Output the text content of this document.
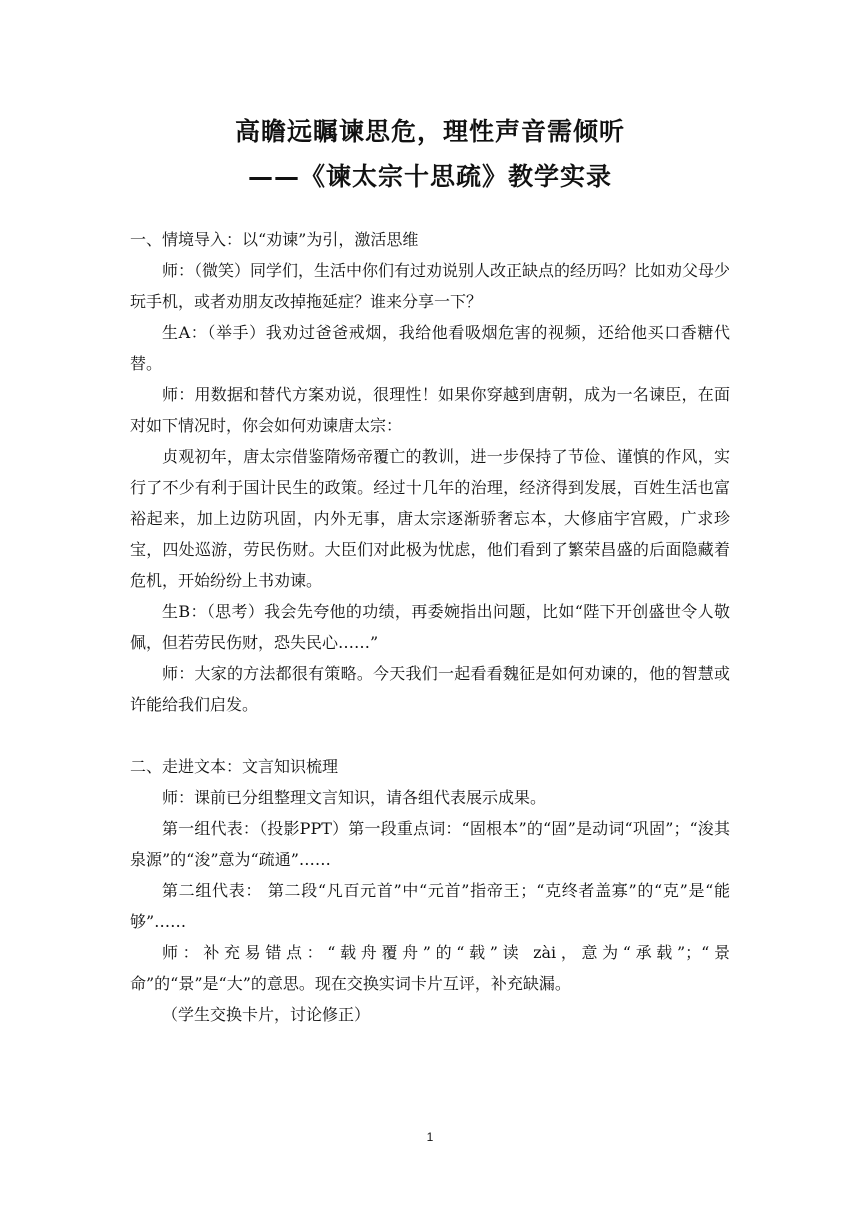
高瞻远瞩谏思危，理性声音需倾听
——《谏太宗十思疏》教学实录

一、情境导入：以“劝谏”为引，激活思维

师：（微笑）同学们，生活中你们有过劝说别人改正缺点的经历吗？比如劝父母少玩手机，或者劝朋友改掉拖延症？谁来分享一下？

生A：（举手）我劝过爸爸戒烟，我给他看吸烟危害的视频，还给他买口香糖代替。

师：用数据和替代方案劝说，很理性！如果你穿越到唐朝，成为一名谏臣，在面对如下情况时，你会如何劝谏唐太宗：

贞观初年，唐太宗借鉴隋炀帝覆亡的教训，进一步保持了节俭、谨慎的作风，实行了不少有利于国计民生的政策。经过十几年的治理，经济得到发展，百姓生活也富裕起来，加上边防巩固，内外无事，唐太宗逐渐骄奢忘本，大修庙宇宫殿，广求珍宝，四处巡游，劳民伤财。大臣们对此极为忧虑，他们看到了繁荣昌盛的后面隐藏着危机，开始纷纷上书劝谏。

生B：（思考）我会先夸他的功绩，再委婉指出问题，比如“陛下开创盛世令人敬佩，但若劳民伤财，恐失民心……”

师：大家的方法都很有策略。今天我们一起看看魏征是如何劝谏的，他的智慧或许能给我们启发。

二、走进文本：文言知识梳理

师：课前已分组整理文言知识，请各组代表展示成果。

第一组代表：（投影PPT）第一段重点词：“固根本”的“固”是动词“巩固”；“浚其泉源”的“浚”意为“疏通”……

第二组代表： 第二段“凡百元首”中“元首”指帝王；“克终者盖寡”的“克”是“能够”……

师：补充易错点：“载舟覆舟”的“载”读 zài，意为“承载”；“景命”的“景”是“大”的意思。现在交换实词卡片互评，补充缺漏。

（学生交换卡片，讨论修正）

1
